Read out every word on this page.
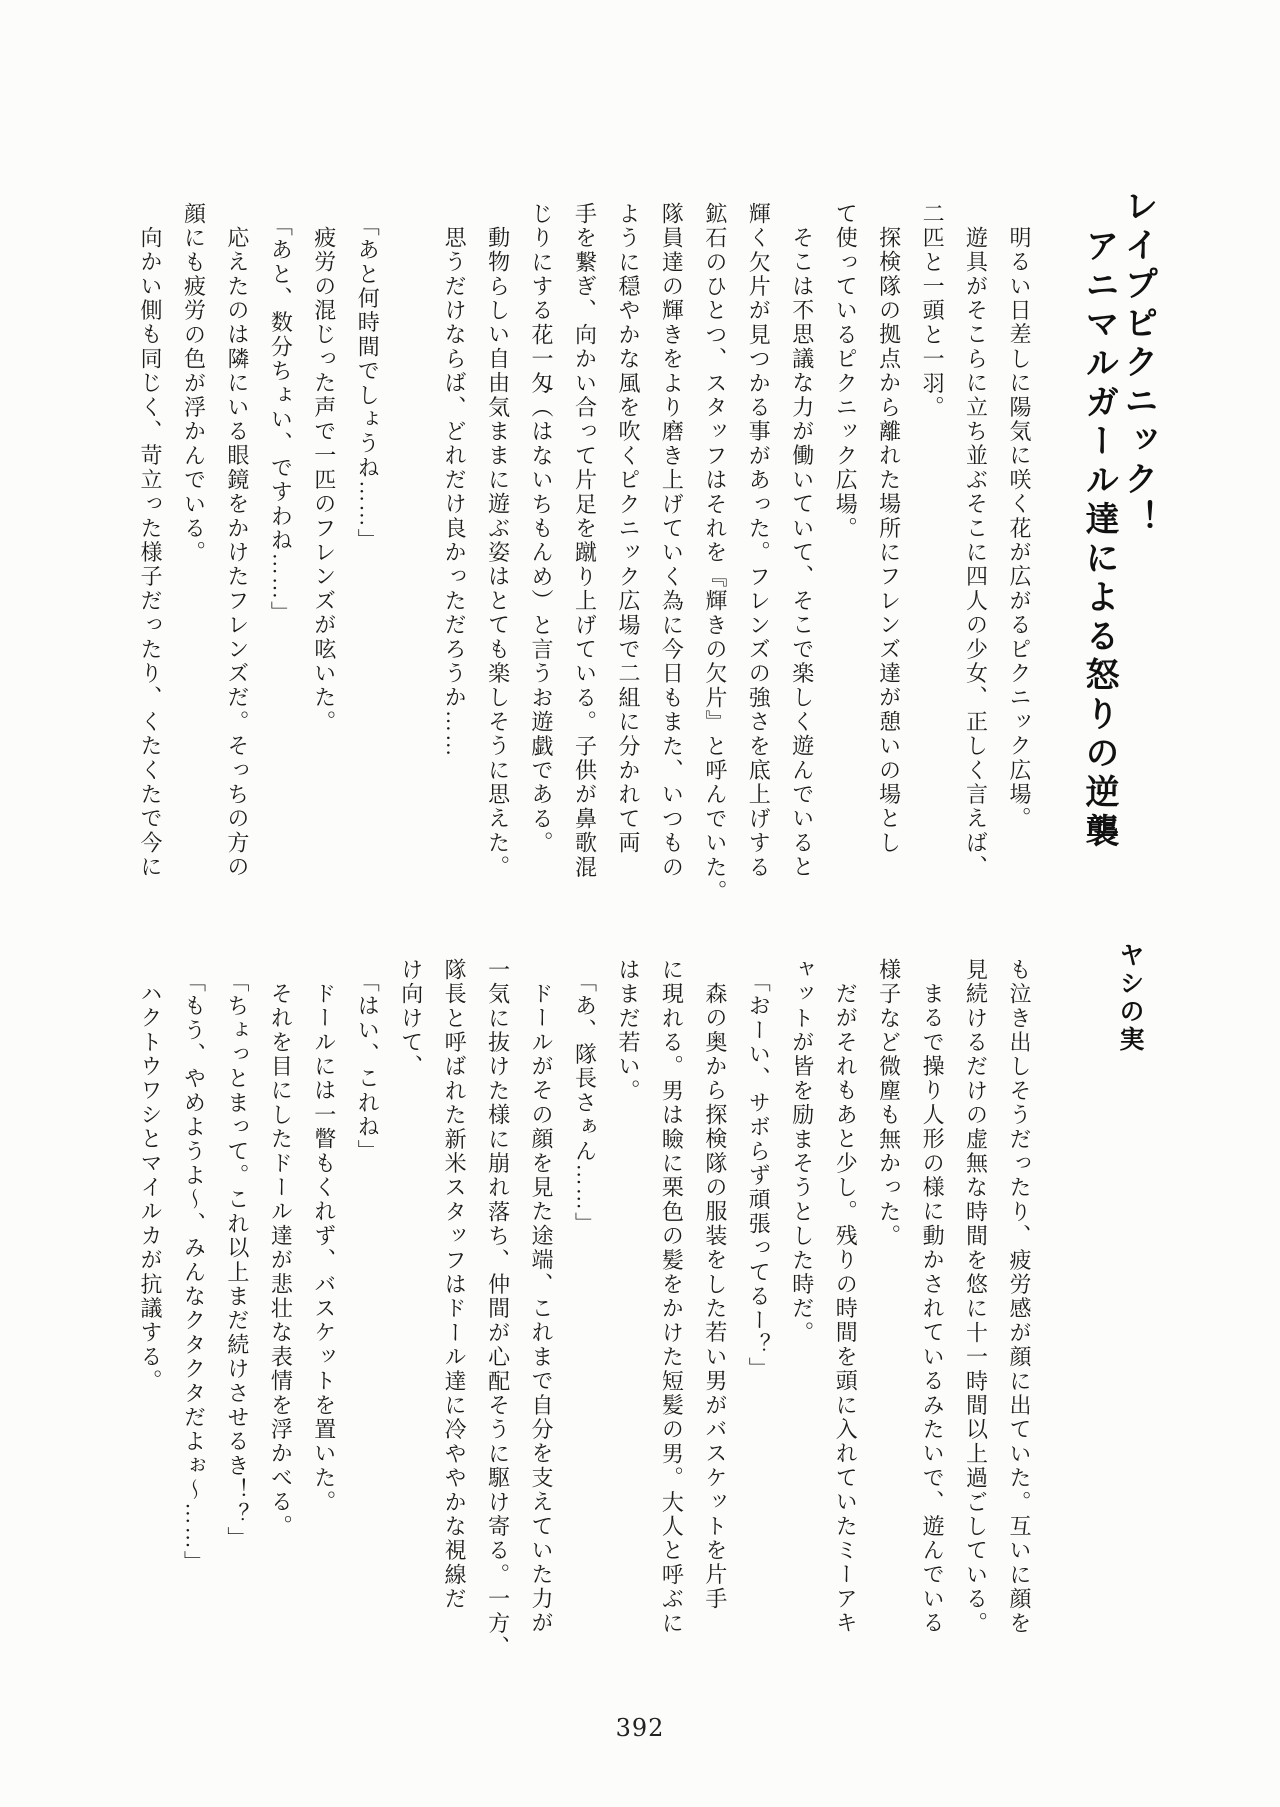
レイプピクニック！
アニマルガール達による怒りの逆襲
ヤシの実
明るい日差しに陽気に咲く花が広がるピクニック広場。
遊具がそこらに立ち並ぶそこに四人の少女、正しく言えば、
二匹と一頭と一羽。
探検隊の拠点から離れた場所にフレンズ達が憩いの場とし
て使っているピクニック広場。
そこは不思議な力が働いていて、そこで楽しく遊んでいると
輝く欠片が見つかる事があった。フレンズの強さを底上げする
鉱石のひとつ、スタッフはそれを『輝きの欠片』と呼んでいた。
隊員達の輝きをより磨き上げていく為に今日もまた、いつもの
ように穏やかな風を吹くピクニック広場で二組に分かれて両
手を繋ぎ、向かい合って片足を蹴り上げている。子供が鼻歌混
じりにする花一匁（はないちもんめ）と言うお遊戯である。
動物らしい自由気ままに遊ぶ姿はとても楽しそうに思えた。
思うだけならば、どれだけ良かっただろうか……
「あと何時間でしょうね……」
疲労の混じった声で一匹のフレンズが呟いた。
「あと、数分ちょい、ですわね……」
応えたのは隣にいる眼鏡をかけたフレンズだ。そっちの方の
顔にも疲労の色が浮かんでいる。
向かい側も同じく、苛立った様子だったり、くたくたで今に
も泣き出しそうだったり、疲労感が顔に出ていた。互いに顔を
見続けるだけの虚無な時間を悠に十一時間以上過ごしている。
まるで操り人形の様に動かされているみたいで、遊んでいる
様子など微塵も無かった。
だがそれもあと少し。残りの時間を頭に入れていたミーアキ
ャットが皆を励まそうとした時だ。
「おーい、サボらず頑張ってるー？」
森の奥から探検隊の服装をした若い男がバスケットを片手
に現れる。男は瞼に栗色の髪をかけた短髪の男。大人と呼ぶに
はまだ若い。
「あ、隊長さぁん……」
ドールがその顔を見た途端、これまで自分を支えていた力が
一気に抜けた様に崩れ落ち、仲間が心配そうに駆け寄る。一方、
隊長と呼ばれた新米スタッフはドール達に冷ややかな視線だ
け向けて、
「はい、これね」
ドールには一瞥もくれず、バスケットを置いた。
それを目にしたドール達が悲壮な表情を浮かべる。
「ちょっとまって。これ以上まだ続けさせるき！？」
「もう、やめようよ～、みんなクタクタだよぉ～……」
ハクトウワシとマイルカが抗議する。
392
